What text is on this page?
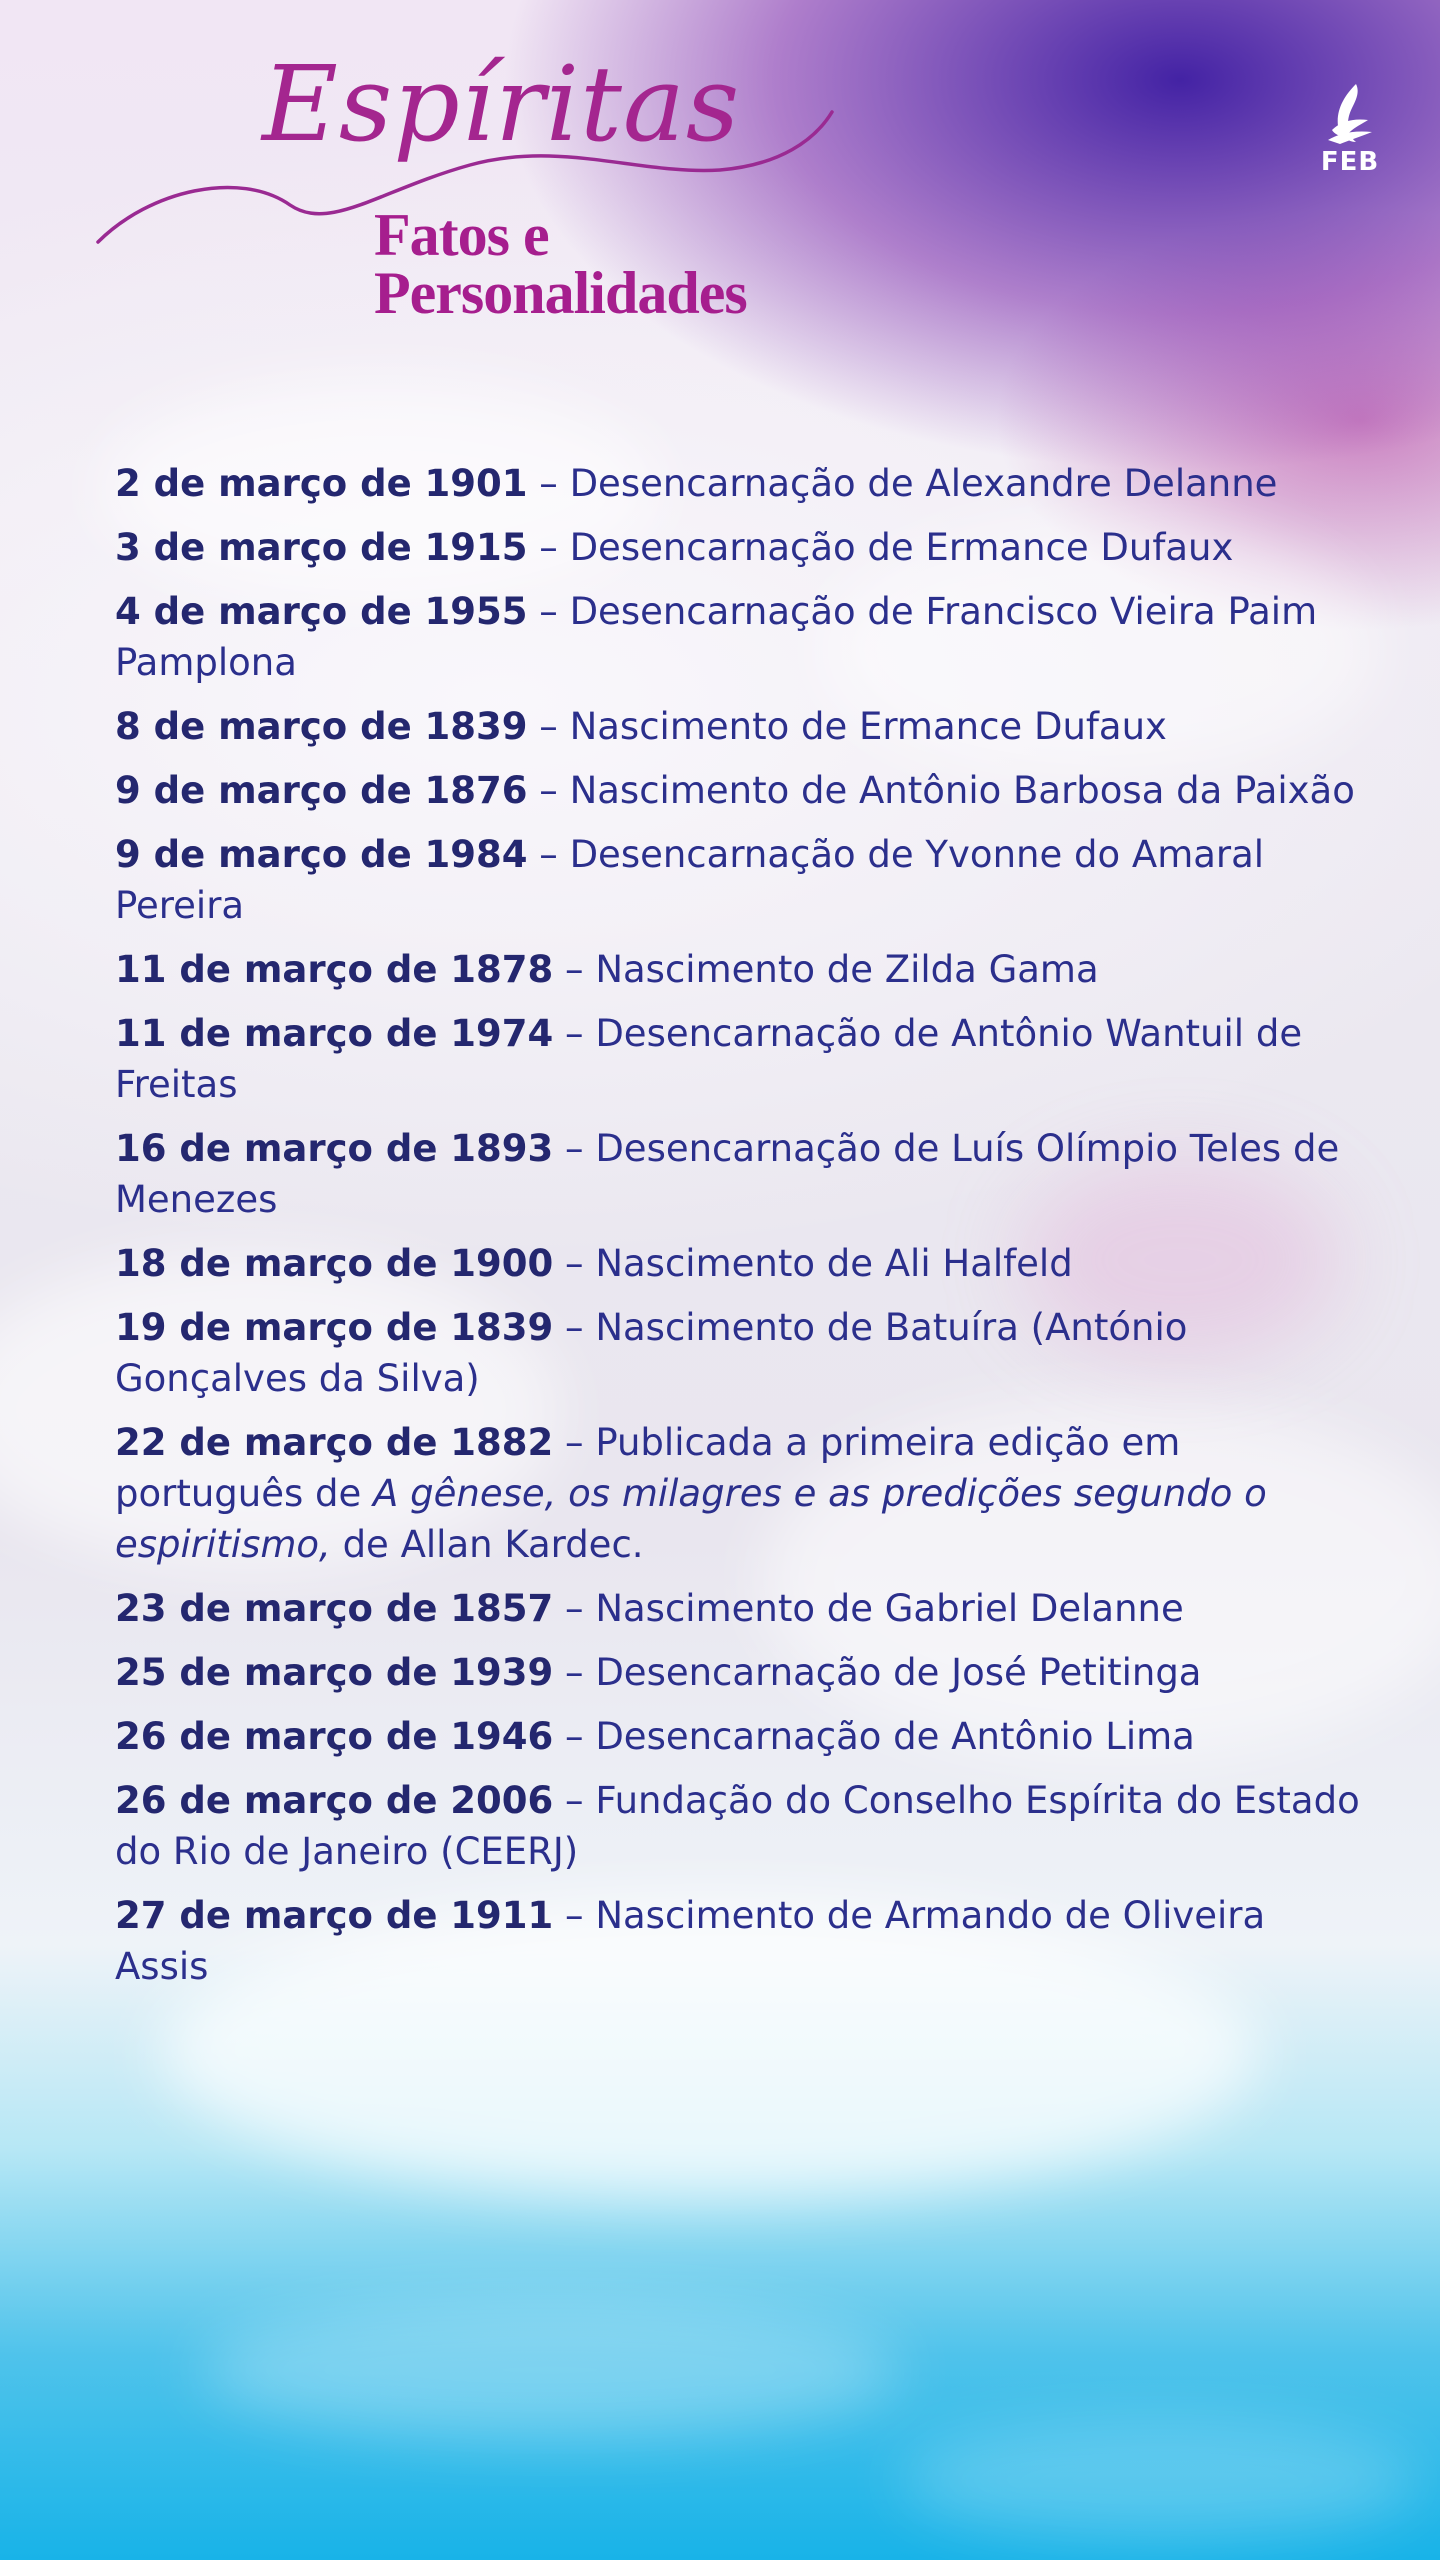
Espíritas
Fatos e
Personalidades
FEB
2 de março de 1901 – Desencarnação de Alexandre Delanne
3 de março de 1915 – Desencarnação de Ermance Dufaux
4 de março de 1955 – Desencarnação de Francisco Vieira Paim Pamplona
8 de março de 1839 – Nascimento de Ermance Dufaux
9 de março de 1876 – Nascimento de Antônio Barbosa da Paixão
9 de março de 1984 – Desencarnação de Yvonne do Amaral Pereira
11 de março de 1878 – Nascimento de Zilda Gama
11 de março de 1974 – Desencarnação de Antônio Wantuil de Freitas
16 de março de 1893 – Desencarnação de Luís Olímpio Teles de Menezes
18 de março de 1900 – Nascimento de Ali Halfeld
19 de março de 1839 – Nascimento de Batuíra (António Gonçalves da Silva)
22 de março de 1882 – Publicada a primeira edição em português de A gênese, os milagres e as predições segundo o espiritismo, de Allan Kardec.
23 de março de 1857 – Nascimento de Gabriel Delanne
25 de março de 1939 – Desencarnação de José Petitinga
26 de março de 1946 – Desencarnação de Antônio Lima
26 de março de 2006 – Fundação do Conselho Espírita do Estado do Rio de Janeiro (CEERJ)
27 de março de 1911 – Nascimento de Armando de Oliveira Assis
